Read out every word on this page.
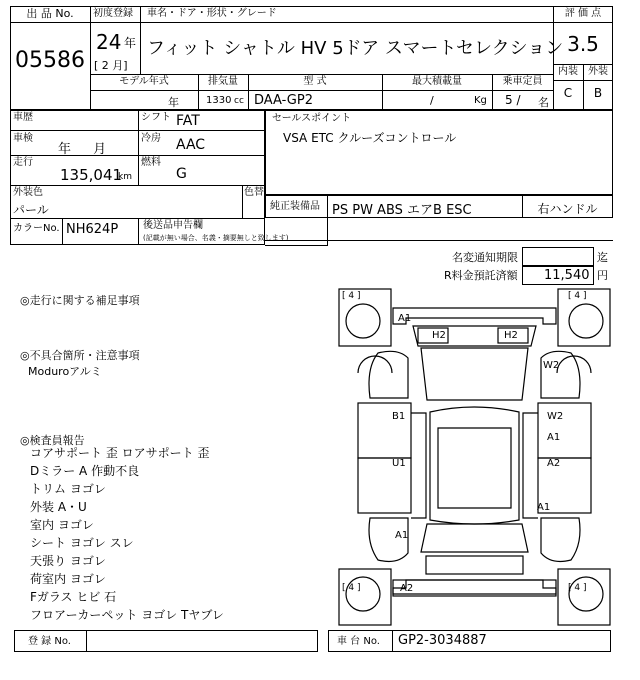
出 品 No.
05586
初度登録 車名・ドア・形状・グレード
24 年
[ 2 月]
フィット シャトル HV 5ドア スマートセレクション
評 価 点
3.5
内装	外装
C	B
モデル年式	排気量	型 式	最大積載量	乗車定員
年	1330 cc DAA-GP2	/	Kg 5 / 名
車歴	シフト FAT
車検
年 月
冷房 AAC
走行
135,041
km
燃料
G
外装色
パール
色替
カラーNo. NH624P 後送品申告欄
(記載が無い場合、名義・摘要無しと致します)
セールスポイント
VSA ETC クルーズコントロール
純正装備品 PS PW ABS エアB ESC	右ハンドル
名変通知期限	迄
R料金預託済額 11,540 円
◎走行に関する補足事項
◎不具合箇所・注意事項
Moduroアルミ
◎検査員報告
コアサポート 歪 ロアサポート 歪
Dミラー A 作動不良
トリム ヨゴレ
外装 A・U
室内 ヨゴレ
シート ヨゴレ スレ
天張り ヨゴレ
荷室内 ヨゴレ
Fガラス ヒビ 石
フロアーカーペット ヨゴレ Tヤブレ
[ 4 ]	[ 4 ]
[ 4 ]	[ 4 ]
A1
H2	H2
W2
B1	W2
A1
U1	A2
A1
A1
A2
登 録 No.	車 台 No. GP2-3034887
